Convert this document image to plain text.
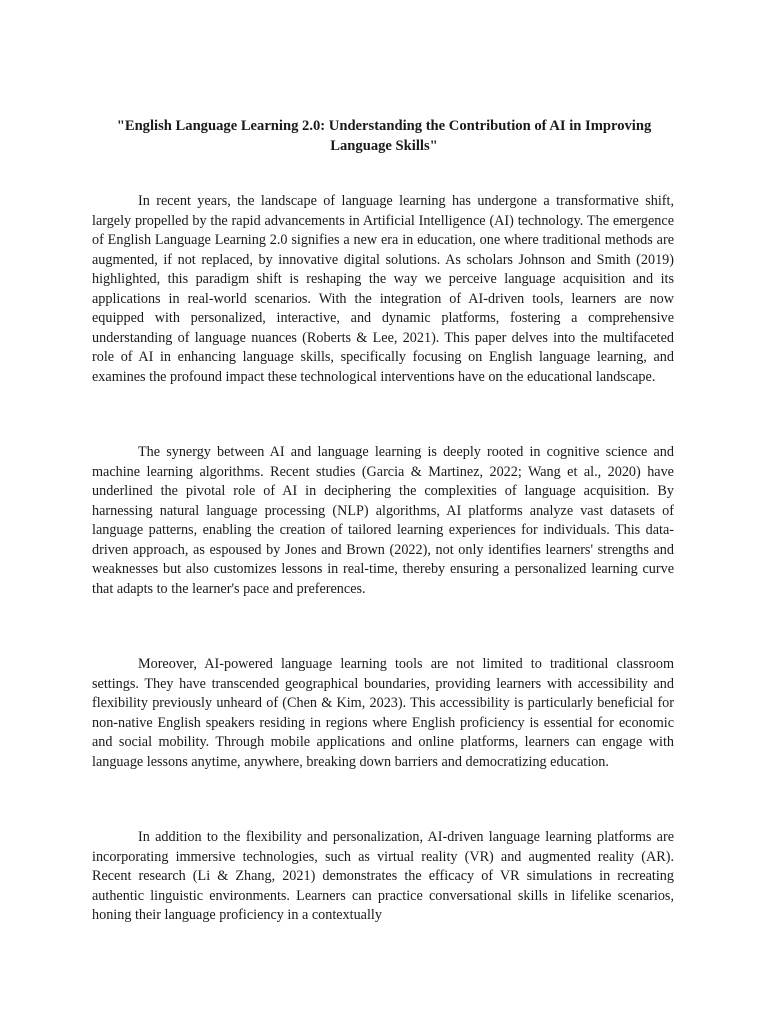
"English Language Learning 2.0: Understanding the Contribution of AI in Improving Language Skills"

In recent years, the landscape of language learning has undergone a transformative shift, largely propelled by the rapid advancements in Artificial Intelligence (AI) technology. The emergence of English Language Learning 2.0 signifies a new era in education, one where traditional methods are augmented, if not replaced, by innovative digital solutions. As scholars Johnson and Smith (2019) highlighted, this paradigm shift is reshaping the way we perceive language acquisition and its applications in real-world scenarios. With the integration of AI-driven tools, learners are now equipped with personalized, interactive, and dynamic platforms, fostering a comprehensive understanding of language nuances (Roberts & Lee, 2021). This paper delves into the multifaceted role of AI in enhancing language skills, specifically focusing on English language learning, and examines the profound impact these technological interventions have on the educational landscape.

The synergy between AI and language learning is deeply rooted in cognitive science and machine learning algorithms. Recent studies (Garcia & Martinez, 2022; Wang et al., 2020) have underlined the pivotal role of AI in deciphering the complexities of language acquisition. By harnessing natural language processing (NLP) algorithms, AI platforms analyze vast datasets of language patterns, enabling the creation of tailored learning experiences for individuals. This data-driven approach, as espoused by Jones and Brown (2022), not only identifies learners' strengths and weaknesses but also customizes lessons in real-time, thereby ensuring a personalized learning curve that adapts to the learner's pace and preferences.

Moreover, AI-powered language learning tools are not limited to traditional classroom settings. They have transcended geographical boundaries, providing learners with accessibility and flexibility previously unheard of (Chen & Kim, 2023). This accessibility is particularly beneficial for non-native English speakers residing in regions where English proficiency is essential for economic and social mobility. Through mobile applications and online platforms, learners can engage with language lessons anytime, anywhere, breaking down barriers and democratizing education.

In addition to the flexibility and personalization, AI-driven language learning platforms are incorporating immersive technologies, such as virtual reality (VR) and augmented reality (AR). Recent research (Li & Zhang, 2021) demonstrates the efficacy of VR simulations in recreating authentic linguistic environments. Learners can practice conversational skills in lifelike scenarios, honing their language proficiency in a contextually
